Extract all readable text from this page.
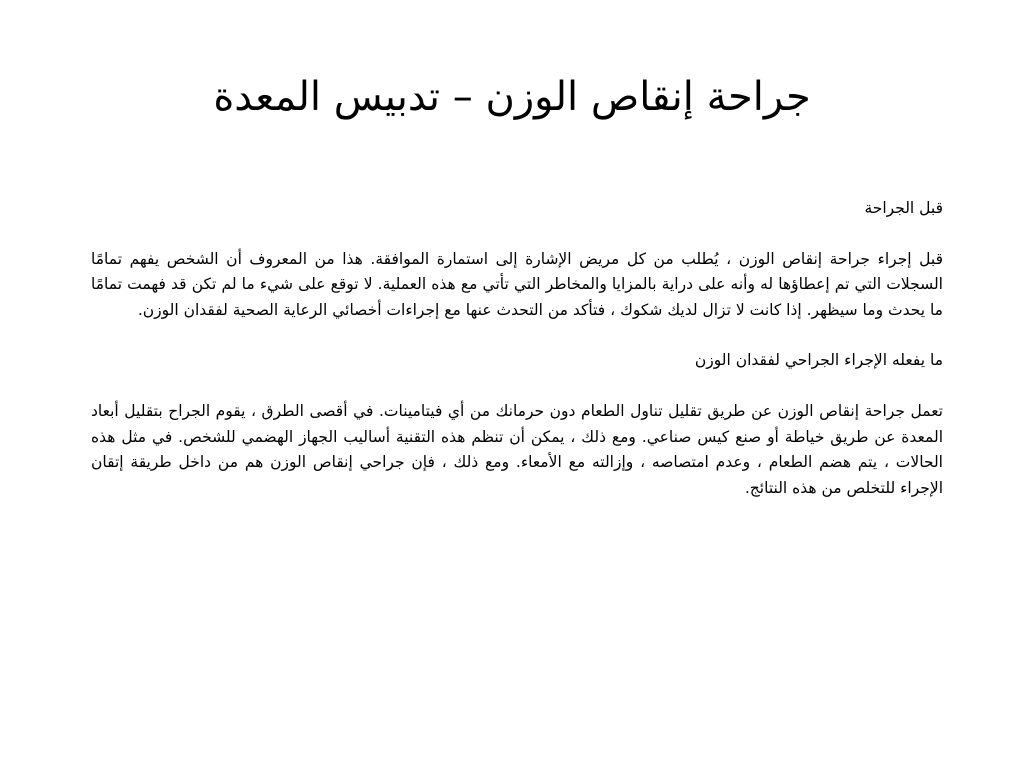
جراحة إنقاص الوزن – تدبيس المعدة

قبل الجراحة

قبل إجراء جراحة إنقاص الوزن ، يُطلب من كل مريض الإشارة إلى استمارة الموافقة. هذا من المعروف أن الشخص يفهم تمامًا السجلات التي تم إعطاؤها له وأنه على دراية بالمزايا والمخاطر التي تأتي مع هذه العملية. لا توقع على شيء ما لم تكن قد فهمت تمامًا ما يحدث وما سيظهر. إذا كانت لا تزال لديك شكوك ، فتأكد من التحدث عنها مع إجراءات أخصائي الرعاية الصحية لفقدان الوزن.

ما يفعله الإجراء الجراحي لفقدان الوزن

تعمل جراحة إنقاص الوزن عن طريق تقليل تناول الطعام دون حرمانك من أي فيتامينات. في أقصى الطرق ، يقوم الجراح بتقليل أبعاد المعدة عن طريق خياطة أو صنع كيس صناعي. ومع ذلك ، يمكن أن تنظم هذه التقنية أساليب الجهاز الهضمي للشخص. في مثل هذه الحالات ، يتم هضم الطعام ، وعدم امتصاصه ، وإزالته مع الأمعاء. ومع ذلك ، فإن جراحي إنقاص الوزن هم من داخل طريقة إتقان الإجراء للتخلص من هذه النتائج.
